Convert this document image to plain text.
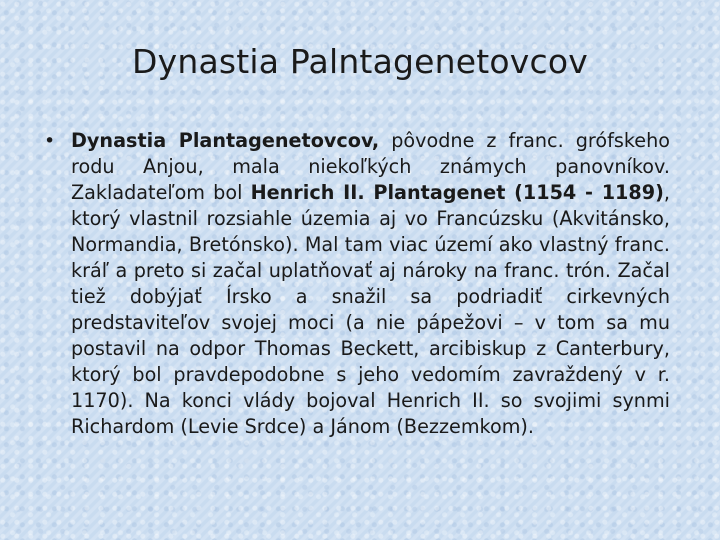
Dynastia Palntagenetovcov

• Dynastia Plantagenetovcov, pôvodne z franc. grófskeho rodu Anjou, mala niekoľkých známych panovníkov. Zakladateľom bol Henrich II. Plantagenet (1154 - 1189), ktorý vlastnil rozsiahle územia aj vo Francúzsku (Akvitánsko, Normandia, Bretónsko). Mal tam viac území ako vlastný franc. kráľ a preto si začal uplatňovať aj nároky na franc. trón. Začal tiež dobýjať Írsko a snažil sa podriadiť cirkevných predstaviteľov svojej moci (a nie pápežovi – v tom sa mu postavil na odpor Thomas Beckett, arcibiskup z Canterbury, ktorý bol pravdepodobne s jeho vedomím zavraždený v r. 1170). Na konci vlády bojoval Henrich II. so svojimi synmi Richardom (Levie Srdce) a Jánom (Bezzemkom).
